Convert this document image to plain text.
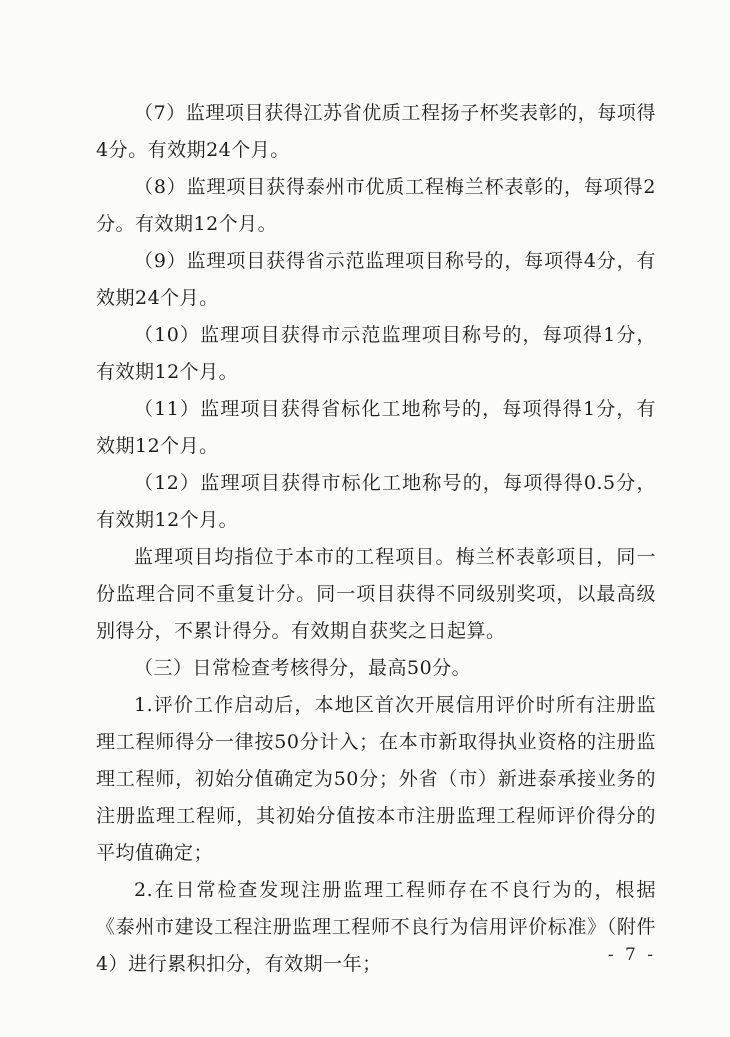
（7）监理项目获得江苏省优质工程扬子杯奖表彰的，每项得4分。有效期24个月。

（8）监理项目获得泰州市优质工程梅兰杯表彰的，每项得2分。有效期12个月。

（9）监理项目获得省示范监理项目称号的，每项得4分，有效期24个月。

（10）监理项目获得市示范监理项目称号的，每项得1分，有效期12个月。

（11）监理项目获得省标化工地称号的，每项得得1分，有效期12个月。

（12）监理项目获得市标化工地称号的，每项得得0.5分，有效期12个月。

监理项目均指位于本市的工程项目。梅兰杯表彰项目，同一份监理合同不重复计分。同一项目获得不同级别奖项，以最高级别得分，不累计得分。有效期自获奖之日起算。

（三）日常检查考核得分，最高50分。

1.评价工作启动后，本地区首次开展信用评价时所有注册监理工程师得分一律按50分计入；在本市新取得执业资格的注册监理工程师，初始分值确定为50分；外省（市）新进泰承接业务的注册监理工程师，其初始分值按本市注册监理工程师评价得分的平均值确定；

2.在日常检查发现注册监理工程师存在不良行为的，根据《泰州市建设工程注册监理工程师不良行为信用评价标准》（附件4）进行累积扣分，有效期一年；	- 7 -
